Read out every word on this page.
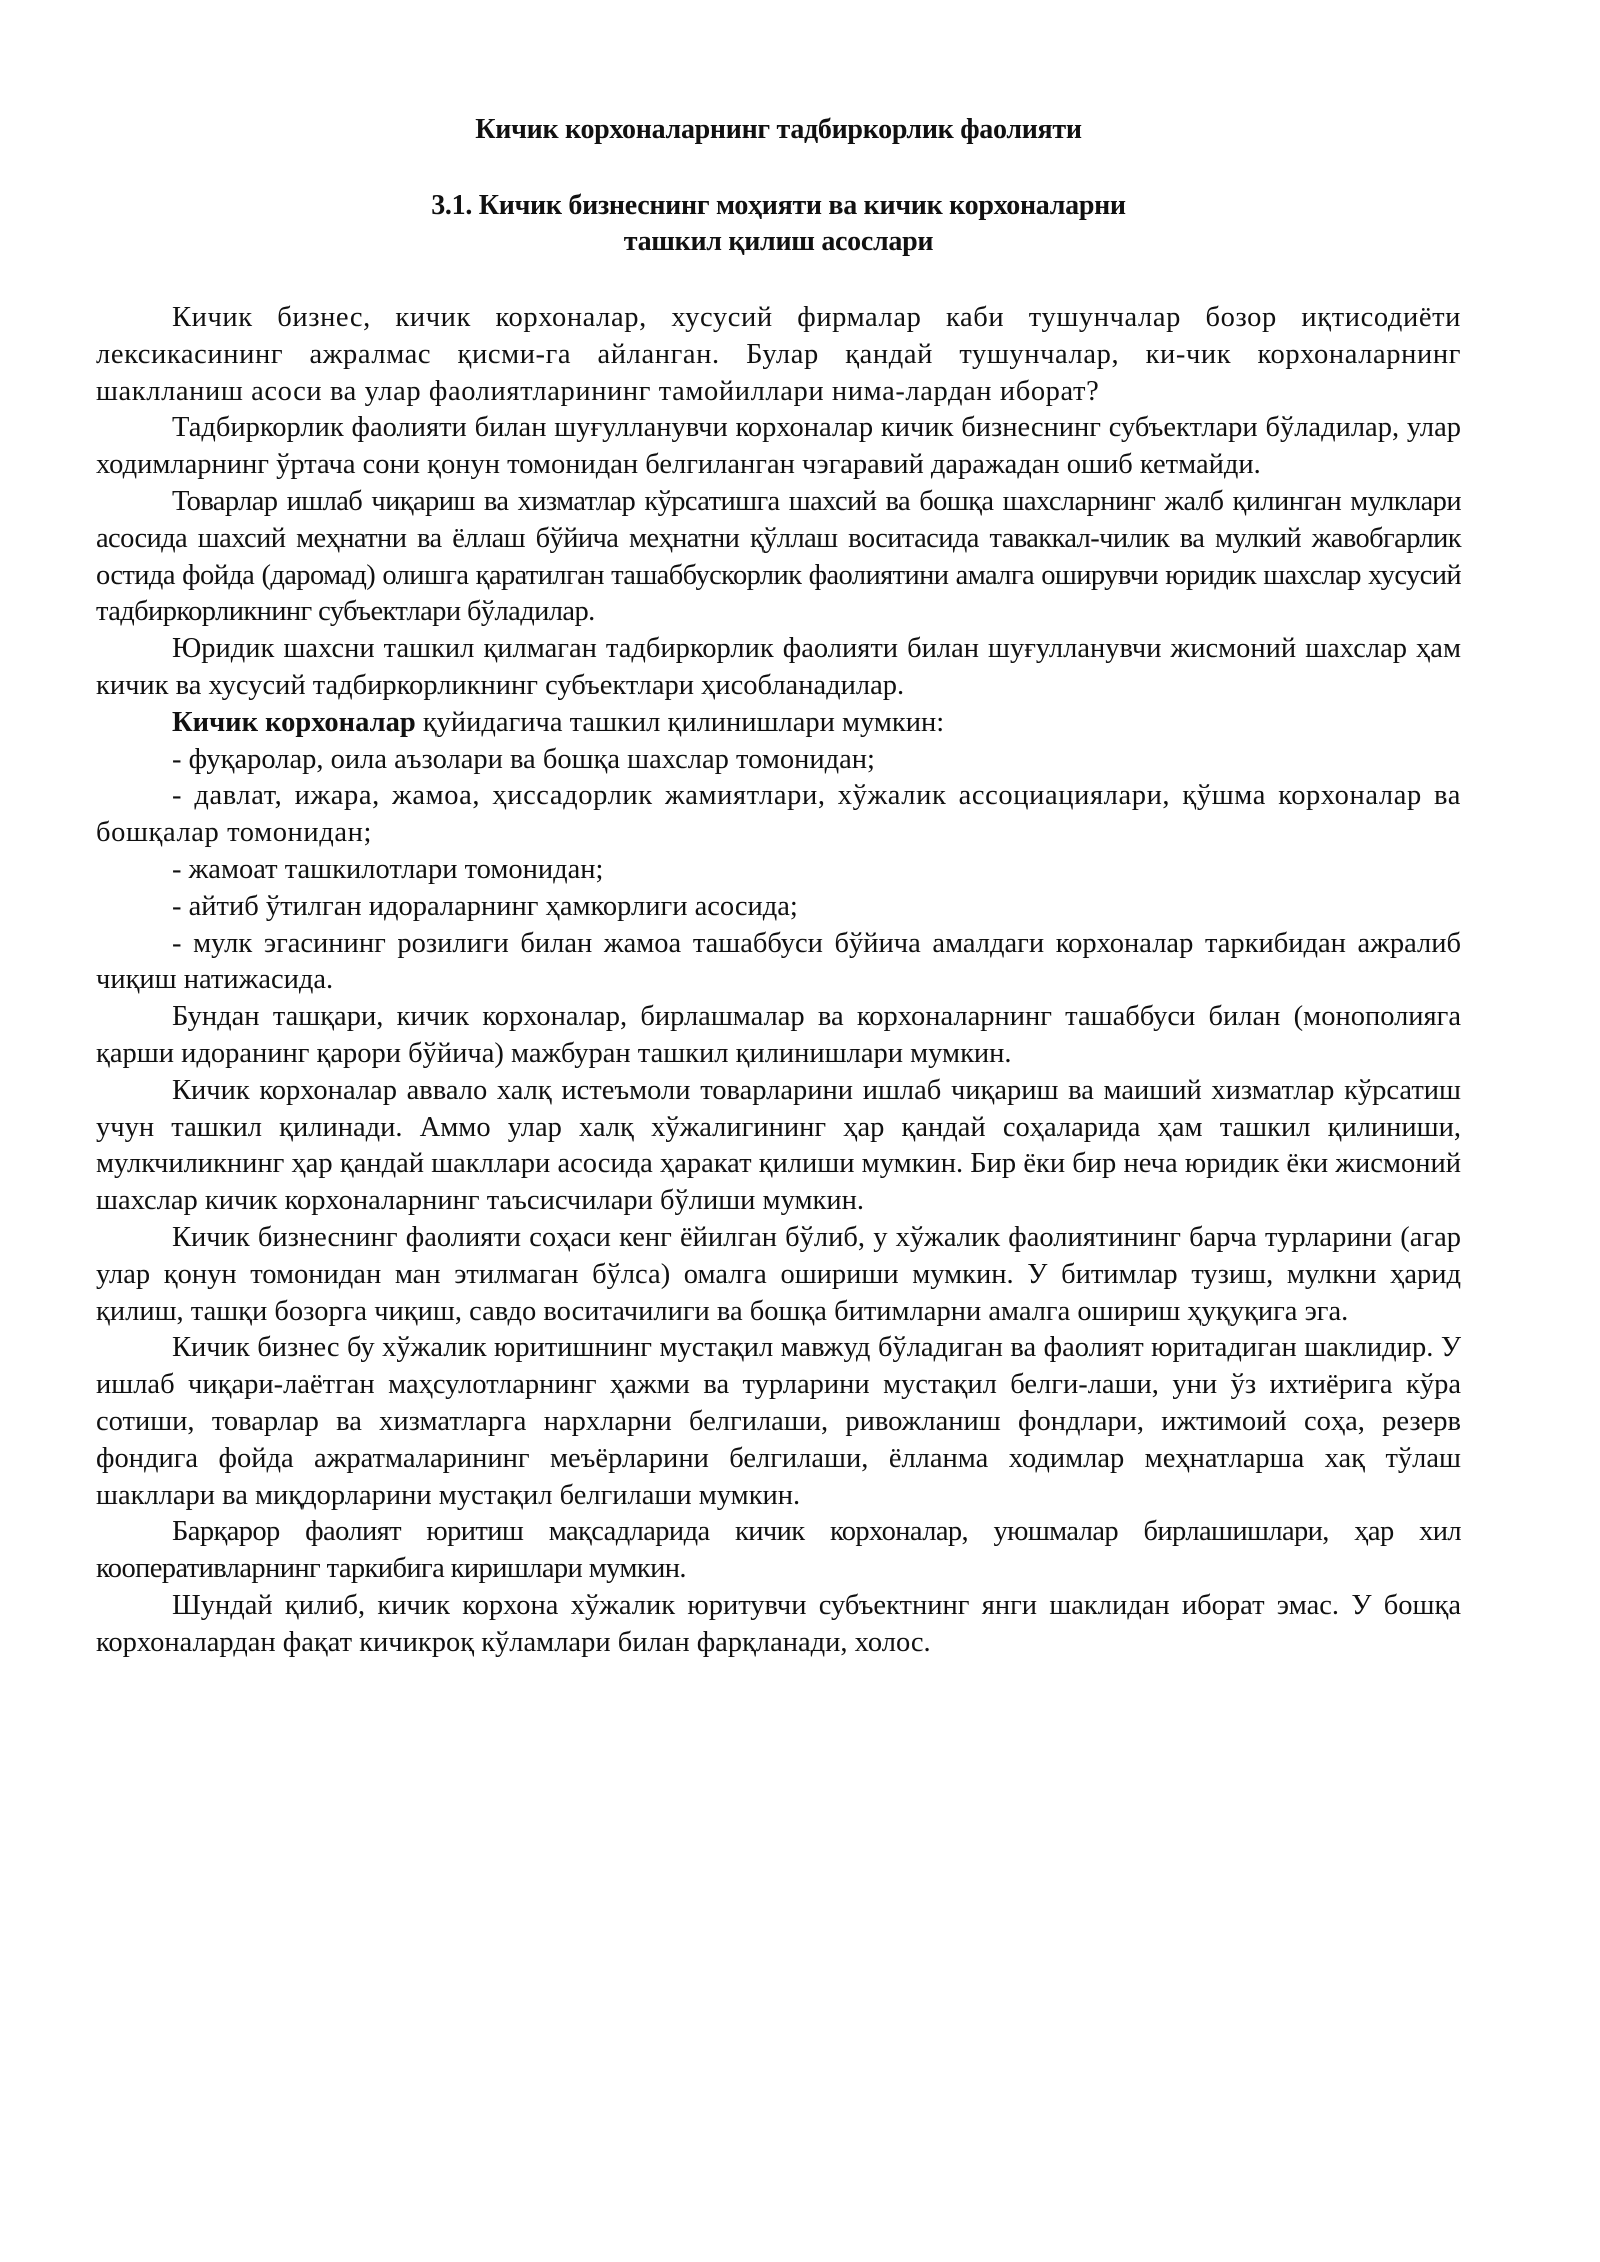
Кичик корхоналарнинг тадбиркорлик фаолияти
3.1. Кичик бизнеснинг моҳияти ва кичик корхоналарни
ташкил қилиш асослари

Кичик бизнес, кичик корхоналар, хусусий фирмалар каби тушунчалар бозор иқтисодиёти лексикасининг ажралмас қисми-га айланган. Булар қандай тушунчалар, ки-чик корхоналарнинг шаклланиш асоси ва улар фаолиятларининг тамойиллари нима-лардан иборат?

Тадбиркорлик фаолияти билан шуғулланувчи корхоналар кичик бизнеснинг субъектлари бўладилар, улар ходимларнинг ўртача сони қонун томонидан белгиланган чэгаравий даражадан ошиб кетмайди.

Товарлар ишлаб чиқариш ва хизматлар кўрсатишга шахсий ва бошқа шахсларнинг жалб қилинган мулклари асосида шахсий меҳнатни ва ёллаш бўйича меҳнатни қўллаш воситасида таваккал-чилик ва мулкий жавобгарлик остида фойда (даромад) олишга қаратилган ташаббускорлик фаолиятини амалга оширувчи юридик шахслар хусусий тадбиркорликнинг субъектлари бўладилар.

Юридик шахсни ташкил қилмаган тадбиркорлик фаолияти билан шуғулланувчи жисмоний шахслар ҳам кичик ва хусусий тадбиркорликнинг субъектлари ҳисобланадилар.

Кичик корхоналар қуйидагича ташкил қилинишлари мумкин:

- фуқаролар, оила аъзолари ва бошқа шахслар томонидан;

- давлат, ижара, жамоа, ҳиссадорлик жамиятлари, хўжалик ассоциациялари, қўшма корхоналар ва бошқалар томонидан;

- жамоат ташкилотлари томонидан;

- айтиб ўтилган идораларнинг ҳамкорлиги асосида;

- мулк эгасининг розилиги билан жамоа ташаббуси бўйича амалдаги корхоналар таркибидан ажралиб чиқиш натижасида.

Бундан ташқари, кичик корхоналар, бирлашмалар ва корхоналарнинг ташаббуси билан (монополияга қарши идоранинг қарори бўйича) мажбуран ташкил қилинишлари мумкин.

Кичик корхоналар аввало халқ истеъмоли товарларини ишлаб чиқариш ва маиший хизматлар кўрсатиш учун ташкил қилинади. Аммо улар халқ хўжалигининг ҳар қандай соҳаларида ҳам ташкил қилиниши, мулкчиликнинг ҳар қандай шакллари асосида ҳаракат қилиши мумкин. Бир ёки бир неча юридик ёки жисмоний шахслар кичик корхоналарнинг таъсисчилари бўлиши мумкин.

Кичик бизнеснинг фаолияти соҳаси кенг ёйилган бўлиб, у хўжалик фаолиятининг барча турларини (агар улар қонун томонидан ман этилмаган бўлса) омалга ошириши мумкин. У битимлар тузиш, мулкни ҳарид қилиш, ташқи бозорга чиқиш, савдо воситачилиги ва бошқа битимларни амалга ошириш ҳуқуқига эга.

Кичик бизнес бу хўжалик юритишнинг мустақил мавжуд бўладиган ва фаолият юритадиган шаклидир. У ишлаб чиқари-лаётган маҳсулотларнинг ҳажми ва турларини мустақил белги-лаши, уни ўз ихтиёрига кўра сотиши, товарлар ва хизматларга нархларни белгилаши, ривожланиш фондлари, ижтимоий соҳа, резерв фондига фойда ажратмаларининг меъёрларини белгилаши, ёлланма ходимлар меҳнатларша хақ тўлаш шакллари ва миқдорларини мустақил белгилаши мумкин.

Барқарор фаолият юритиш мақсадларида кичик корхоналар, уюшмалар бирлашишлари, ҳар хил кооперативларнинг таркибига киришлари мумкин.

Шундай қилиб, кичик корхона хўжалик юритувчи субъектнинг янги шаклидан иборат эмас. У бошқа корхоналардан фақат кичикроқ кўламлари билан фарқланади, холос.
